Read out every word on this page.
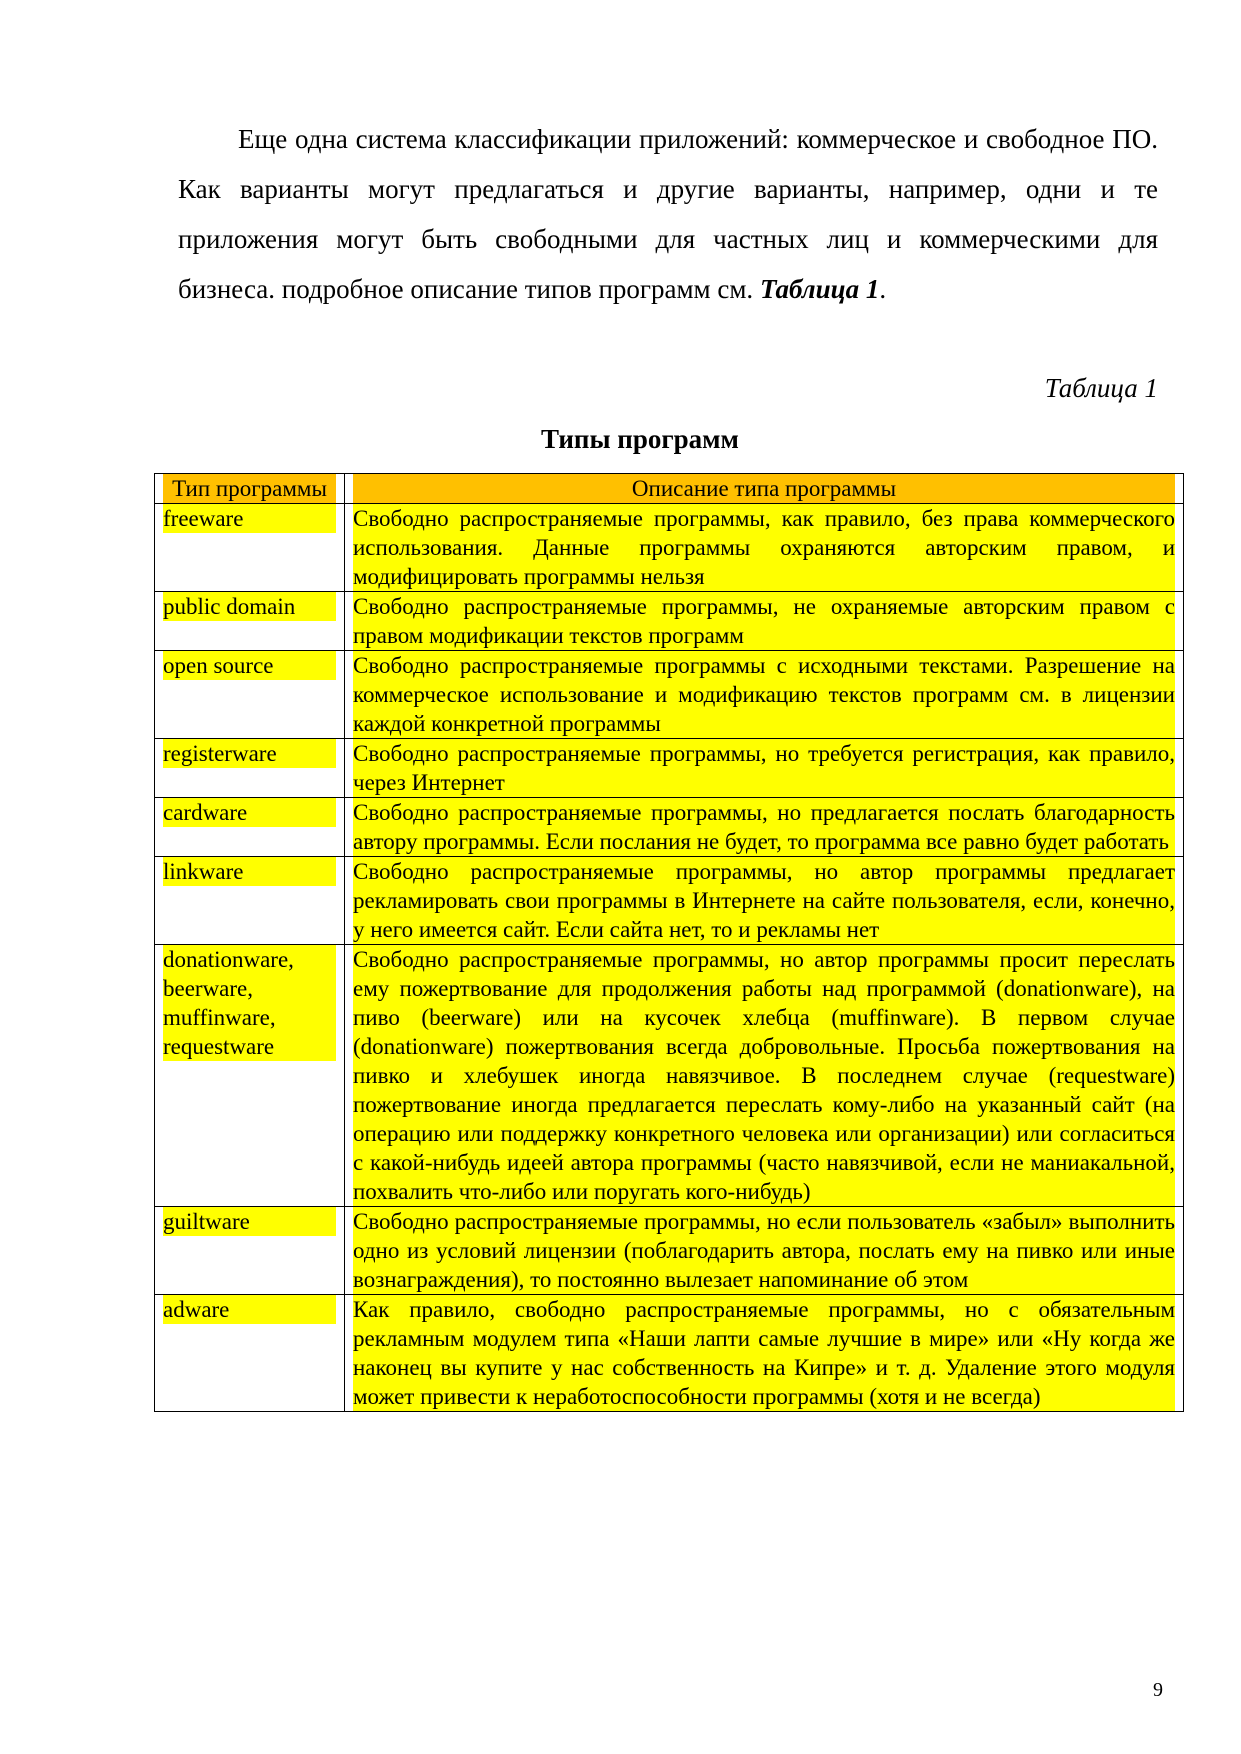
Еще одна система классификации приложений: коммерческое и свободное ПО. Как варианты могут предлагаться и другие варианты, например, одни и те приложения могут быть свободными для частных лиц и коммерческими для бизнеса. подробное описание типов программ см. Таблица 1.

Таблица 1
Типы программ
Тип программы	Описание типа программы

freeware	Свободно распространяемые программы, как правило, без права коммерческого использования. Данные программы охраняются авторским правом, и модифицировать программы нельзя

public domain	Свободно распространяемые программы, не охраняемые авторским правом с правом модификации текстов программ

open source	Свободно распространяемые программы с исходными текстами. Разрешение на коммерческое использование и модификацию текстов программ см. в лицензии каждой конкретной программы

registerware	Свободно распространяемые программы, но требуется регистрация, как правило, через Интернет

cardware	Свободно распространяемые программы, но предлагается послать благодарность автору программы. Если послания не будет, то программа все равно будет работать

linkware	Свободно распространяемые программы, но автор программы предлагает рекламировать свои программы в Интернете на сайте пользователя, если, конечно, у него имеется сайт. Если сайта нет, то и рекламы нет

donationware, beerware, muffinware, requestware	Свободно распространяемые программы, но автор программы просит переслать ему пожертвование для продолжения работы над программой (donationware), на пиво (beerware) или на кусочек хлебца (muffinware). В первом случае (donationware) пожертвования всегда добровольные. Просьба пожертвования на пивко и хлебушек иногда навязчивое. В последнем случае (requestware) пожертвование иногда предлагается переслать кому-либо на указанный сайт (на операцию или поддержку конкретного человека или организации) или согласиться с какой-нибудь идеей автора программы (часто навязчивой, если не маниакальной, похвалить что-либо или поругать кого-нибудь)

guiltware	Свободно распространяемые программы, но если пользователь «забыл» выполнить одно из условий лицензии (поблагодарить автора, послать ему на пивко или иные вознаграждения), то постоянно вылезает напоминание об этом

adware	Как правило, свободно распространяемые программы, но с обязательным рекламным модулем типа «Наши лапти самые лучшие в мире» или «Ну когда же наконец вы купите у нас собственность на Кипре» и т. д. Удаление этого модуля может привести к неработоспособности программы (хотя и не всегда)
9
